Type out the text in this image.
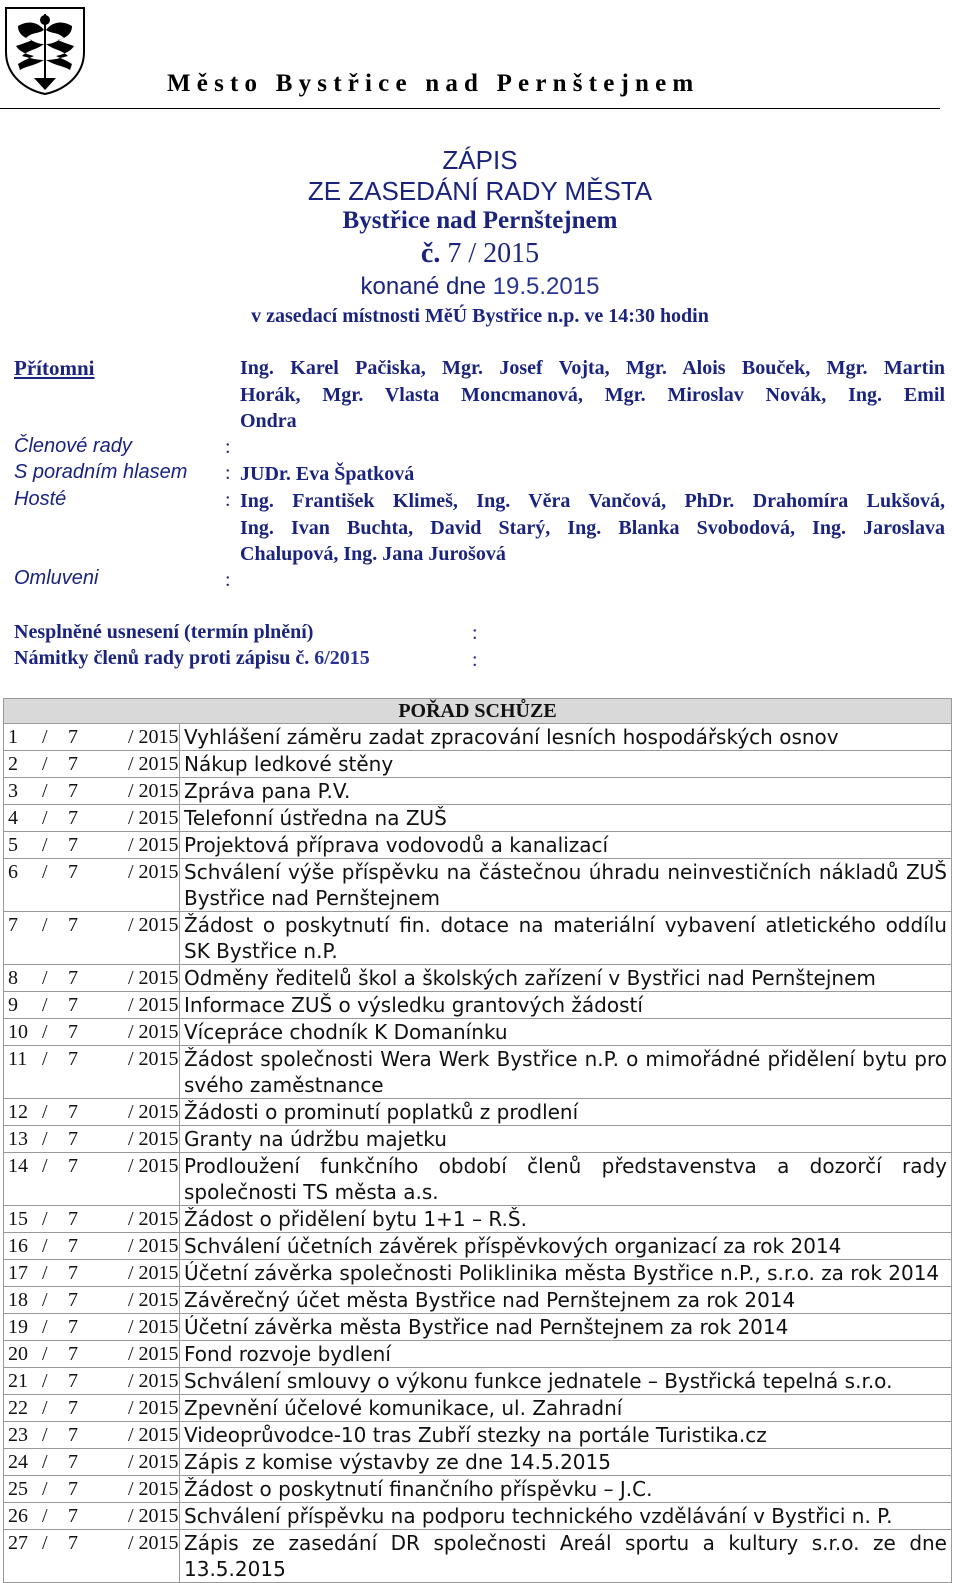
Město Bystřice nad Pernštejnem
ZÁPIS
ZE ZASEDÁNÍ RADY MĚSTA
Bystřice nad Pernštejnem
č. 7 / 2015
konané dne 19.5.2015
v zasedací místnosti MěÚ Bystřice n.p. ve 14:30 hodin
Přítomni	Ing. Karel Pačiska, Mgr. Josef Vojta, Mgr. Alois Bouček, Mgr. Martin
Horák, Mgr. Vlasta Moncmanová, Mgr. Miroslav Novák, Ing. Emil
Ondra
Členové rady	:
S poradním hlasem : JUDr. Eva Špatková
Hosté	: Ing. František Klimeš, Ing. Věra Vančová, PhDr. Drahomíra Lukšová,
Ing. Ivan Buchta, David Starý, Ing. Blanka Svobodová, Ing. Jaroslava
Chalupová, Ing. Jana Jurošová
Omluveni	:
Nesplněné usnesení (termín plnění)	:
Námitky členů rady proti zápisu č. 6/2015	:
POŘAD SCHŮZE	
1 / 7 / 2015	Vyhlášení záměru zadat zpracování lesních hospodářských osnov
2 / 7 / 2015	Nákup ledkové stěny
3 / 7 / 2015	Zpráva pana P.V.
4 / 7 / 2015	Telefonní ústředna na ZUŠ
5 / 7 / 2015	Projektová příprava vodovodů a kanalizací
6 / 7 / 2015	Schválení výše příspěvku na částečnou úhradu neinvestičních nákladů ZUŠ Bystřice nad Pernštejnem
7 / 7 / 2015	Žádost o poskytnutí fin. dotace na materiální vybavení atletického oddílu SK Bystřice n.P.
8 / 7 / 2015	Odměny ředitelů škol a školských zařízení v Bystřici nad Pernštejnem
9 / 7 / 2015	Informace ZUŠ o výsledku grantových žádostí
10 / 7 / 2015	Vícepráce chodník K Domanínku
11 / 7 / 2015	Žádost společnosti Wera Werk Bystřice n.P. o mimořádné přidělení bytu pro svého zaměstnance
12 / 7 / 2015	Žádosti o prominutí poplatků z prodlení
13 / 7 / 2015	Granty na údržbu majetku
14 / 7 / 2015	Prodloužení funkčního období členů představenstva a dozorčí rady společnosti TS města a.s.
15 / 7 / 2015	Žádost o přidělení bytu 1+1 – R.Š.
16 / 7 / 2015	Schválení účetních závěrek příspěvkových organizací za rok 2014
17 / 7 / 2015	Účetní závěrka společnosti Poliklinika města Bystřice n.P., s.r.o. za rok 2014
18 / 7 / 2015	Závěrečný účet města Bystřice nad Pernštejnem za rok 2014
19 / 7 / 2015	Účetní závěrka města Bystřice nad Pernštejnem za rok 2014
20 / 7 / 2015	Fond rozvoje bydlení
21 / 7 / 2015	Schválení smlouvy o výkonu funkce jednatele – Bystřická tepelná s.r.o.
22 / 7 / 2015	Zpevnění účelové komunikace, ul. Zahradní
23 / 7 / 2015	Videoprůvodce-10 tras Zubří stezky na portále Turistika.cz
24 / 7 / 2015	Zápis z komise výstavby ze dne 14.5.2015
25 / 7 / 2015	Žádost o poskytnutí finančního příspěvku – J.C.
26 / 7 / 2015	Schválení příspěvku na podporu technického vzdělávání v Bystřici n. P.
27 / 7 / 2015	Zápis ze zasedání DR společnosti Areál sportu a kultury s.r.o. ze dne 13.5.2015
